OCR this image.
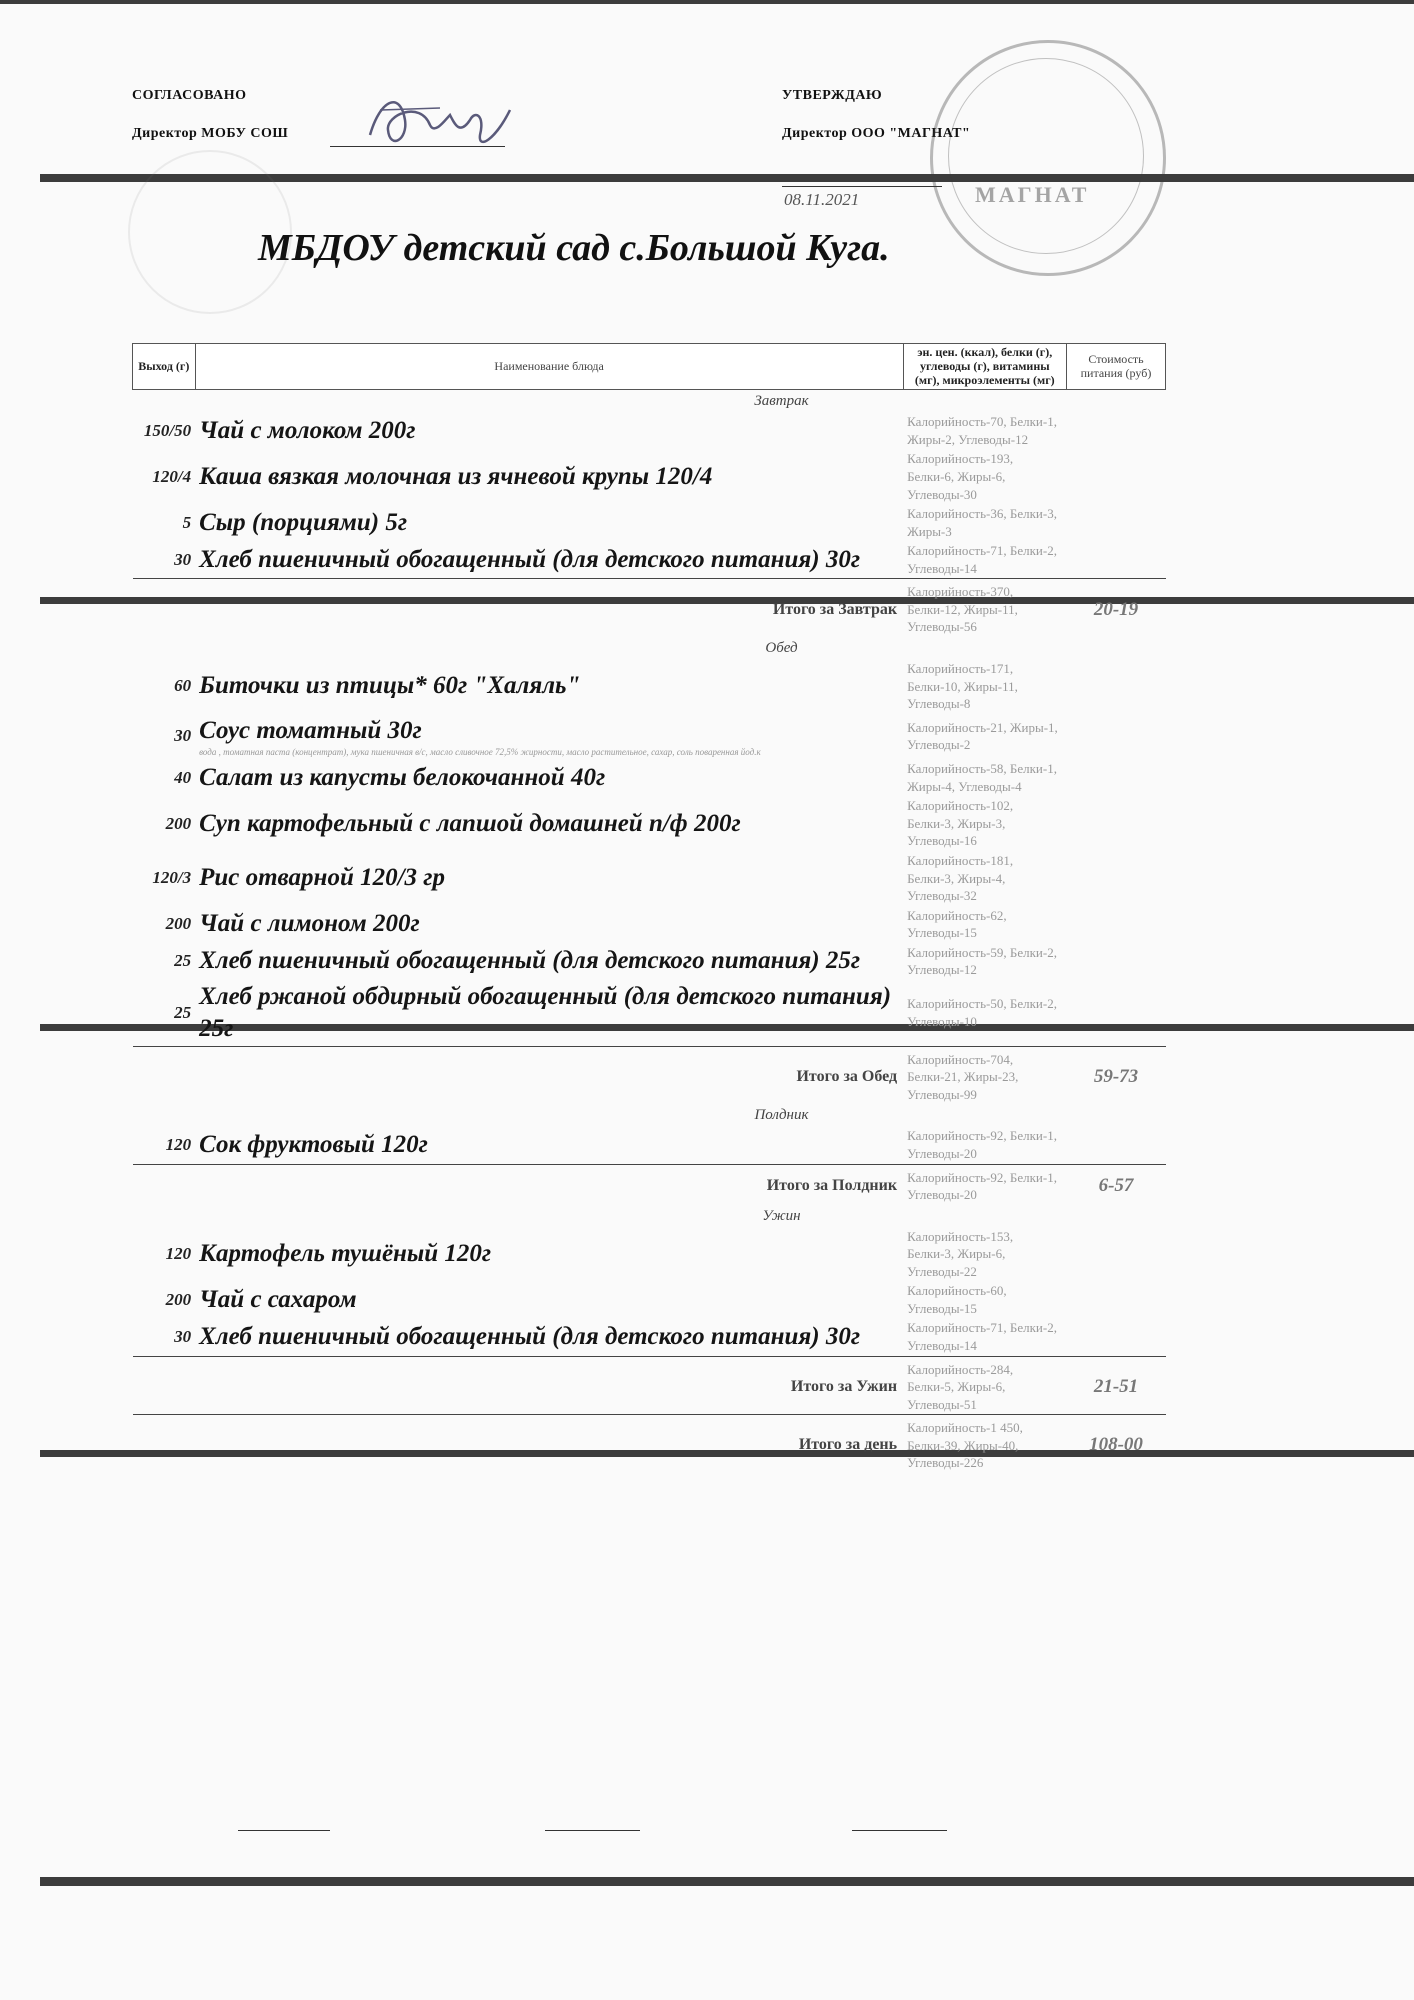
СОГЛАСОВАНО
Директор МОБУ СОШ
УТВЕРЖДАЮ
Директор ООО "МАГНАТ"
08.11.2021	МАГНАТ
МБДОУ детский сад с.Большой Куга.
Выход (г)	Наименование блюда	эн. цен. (ккал), белки (г), углеводы (г), витамины (мг), микроэлементы (мг)	Стоимость питания (руб)
Завтрак			
150/50	Чай с молоком 200г	Калорийность-70, Белки-1, Жиры-2, Углеводы-12	
120/4	Каша вязкая молочная из ячневой крупы 120/4	Калорийность-193, Белки-6, Жиры-6, Углеводы-30	
5	Сыр (порциями) 5г	Калорийность-36, Белки-3, Жиры-3	
30	Хлеб пшеничный обогащенный (для детского питания) 30г	Калорийность-71, Белки-2, Углеводы-14	
	Итого за Завтрак	Калорийность-370, Белки-12, Жиры-11, Углеводы-56	20-19
Обед			
60	Биточки из птицы* 60г "Халяль"	Калорийность-171, Белки-10, Жиры-11, Углеводы-8	
30	Соус томатный 30г
вода , томатная паста (концентрат), мука пшеничная в/с, масло сливочное 72,5% жирности, масло растительное, сахар, соль поваренная йод.к	Калорийность-21, Жиры-1, Углеводы-2	
40	Салат из капусты белокочанной 40г	Калорийность-58, Белки-1, Жиры-4, Углеводы-4	
200	Суп картофельный с лапшой домашней п/ф 200г	Калорийность-102, Белки-3, Жиры-3, Углеводы-16	
120/3	Рис отварной 120/3 гр	Калорийность-181, Белки-3, Жиры-4, Углеводы-32	
200	Чай с лимоном 200г	Калорийность-62, Углеводы-15	
25	Хлеб пшеничный обогащенный (для детского питания) 25г	Калорийность-59, Белки-2, Углеводы-12	
25	Хлеб ржаной обдирный обогащенный (для детского питания) 25г	Калорийность-50, Белки-2, Углеводы-10	
	Итого за Обед	Калорийность-704, Белки-21, Жиры-23, Углеводы-99	59-73
Полдник			
120	Сок фруктовый 120г	Калорийность-92, Белки-1, Углеводы-20	
	Итого за Полдник	Калорийность-92, Белки-1, Углеводы-20	6-57
Ужин			
120	Картофель тушёный 120г	Калорийность-153, Белки-3, Жиры-6, Углеводы-22	
200	Чай с сахаром	Калорийность-60, Углеводы-15	
30	Хлеб пшеничный обогащенный (для детского питания) 30г	Калорийность-71, Белки-2, Углеводы-14	
	Итого за Ужин	Калорийность-284, Белки-5, Жиры-6, Углеводы-51	21-51
	Итого за день	Калорийность-1 450, Белки-39, Жиры-40, Углеводы-226	108-00
